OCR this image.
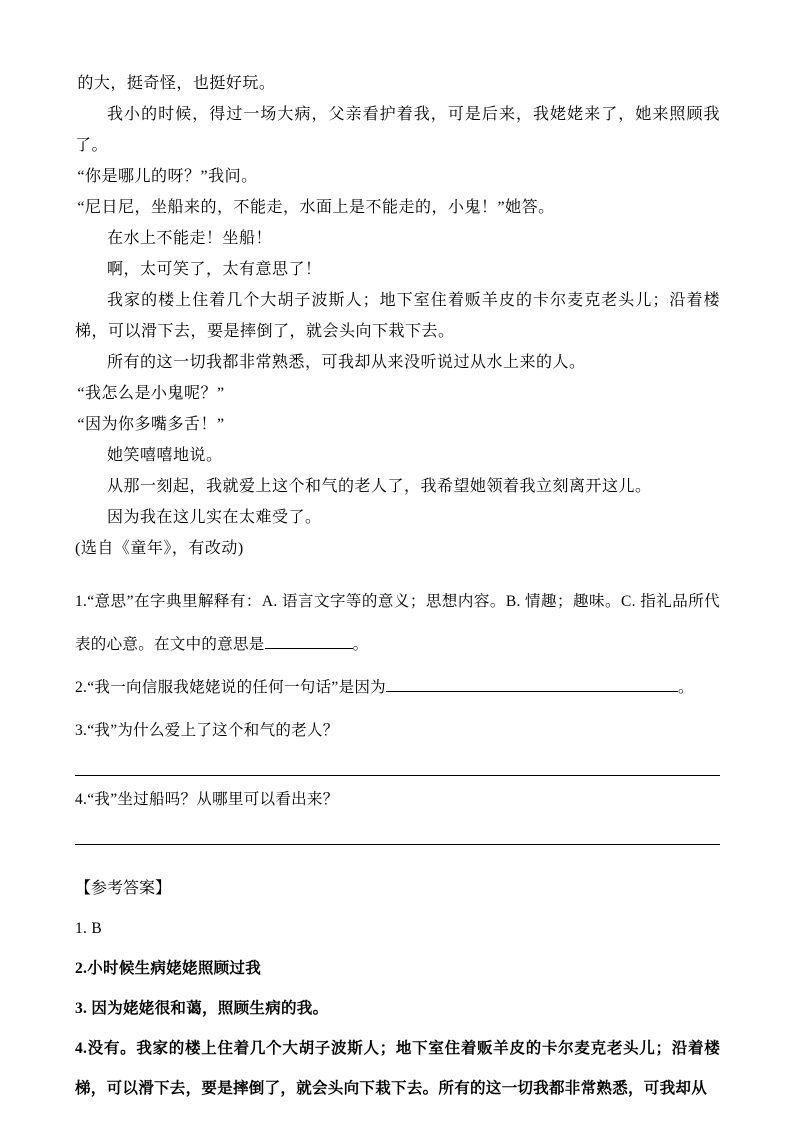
的大，挺奇怪，也挺好玩。

我小的时候，得过一场大病，父亲看护着我，可是后来，我姥姥来了，她来照顾我了。

“你是哪儿的呀？”我问。

“尼日尼，坐船来的，不能走，水面上是不能走的，小鬼！”她答。

在水上不能走！坐船！

啊，太可笑了，太有意思了！

我家的楼上住着几个大胡子波斯人；地下室住着贩羊皮的卡尔麦克老头儿；沿着楼梯，可以滑下去，要是摔倒了，就会头向下栽下去。

所有的这一切我都非常熟悉，可我却从来没听说过从水上来的人。

“我怎么是小鬼呢？”

“因为你多嘴多舌！”

她笑嘻嘻地说。

从那一刻起，我就爱上这个和气的老人了，我希望她领着我立刻离开这儿。

因为我在这儿实在太难受了。

(选自《童年》，有改动)

1.“意思”在字典里解释有：A. 语言文字等的意义；思想内容。B. 情趣；趣味。C. 指礼品所代表的心意。在文中的意思是	。

2.“我一向信服我姥姥说的任何一句话”是因为	。

3.“我”为什么爱上了这个和气的老人？

4.“我”坐过船吗？从哪里可以看出来？

【参考答案】

1. B

2.小时候生病姥姥照顾过我

3. 因为姥姥很和蔼，照顾生病的我。

4.没有。我家的楼上住着几个大胡子波斯人；地下室住着贩羊皮的卡尔麦克老头儿；沿着楼梯，可以滑下去，要是摔倒了，就会头向下栽下去。所有的这一切我都非常熟悉，可我却从
